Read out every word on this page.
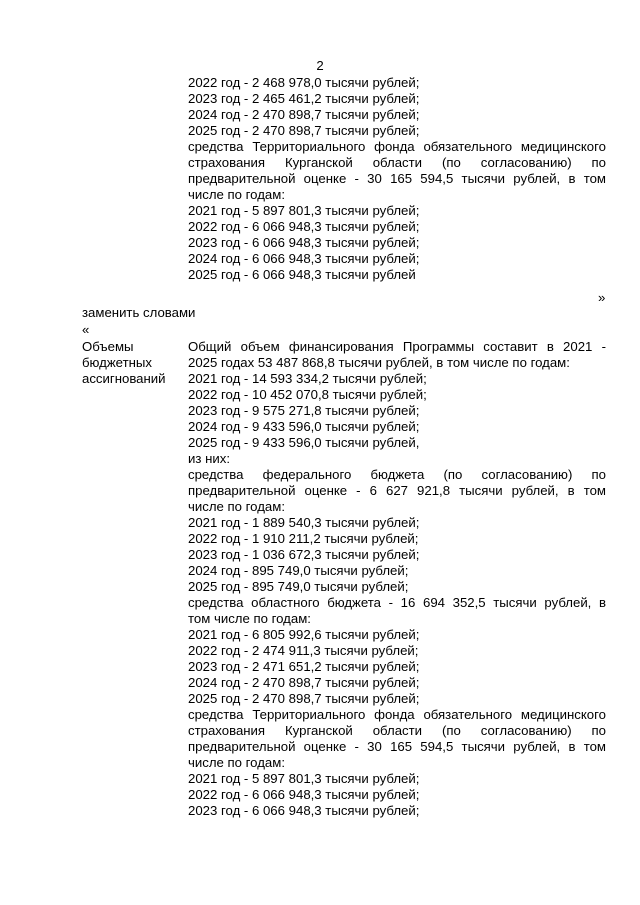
2
2022 год - 2 468 978,0 тысячи рублей;
2023 год - 2 465 461,2 тысячи рублей;
2024 год - 2 470 898,7 тысячи рублей;
2025 год - 2 470 898,7 тысячи рублей;
средства Территориального фонда обязательного медицинского
страхования Курганской области (по согласованию) по
предварительной оценке - 30 165 594,5 тысячи рублей, в том
числе по годам:
2021 год - 5 897 801,3 тысячи рублей;
2022 год - 6 066 948,3 тысячи рублей;
2023 год - 6 066 948,3 тысячи рублей;
2024 год - 6 066 948,3 тысячи рублей;
2025 год - 6 066 948,3 тысячи рублей
»
заменить словами
«
Объемы
бюджетных
ассигнований
Общий объем финансирования Программы составит в 2021 -
2025 годах 53 487 868,8 тысячи рублей, в том числе по годам:
2021 год - 14 593 334,2 тысячи рублей;
2022 год - 10 452 070,8 тысячи рублей;
2023 год - 9 575 271,8 тысячи рублей;
2024 год - 9 433 596,0 тысячи рублей;
2025 год - 9 433 596,0 тысячи рублей,
из них:
средства федерального бюджета (по согласованию) по
предварительной оценке - 6 627 921,8 тысячи рублей, в том
числе по годам:
2021 год - 1 889 540,3 тысячи рублей;
2022 год - 1 910 211,2 тысячи рублей;
2023 год - 1 036 672,3 тысячи рублей;
2024 год - 895 749,0 тысячи рублей;
2025 год - 895 749,0 тысячи рублей;
средства областного бюджета - 16 694 352,5 тысячи рублей, в
том числе по годам:
2021 год - 6 805 992,6 тысячи рублей;
2022 год - 2 474 911,3 тысячи рублей;
2023 год - 2 471 651,2 тысячи рублей;
2024 год - 2 470 898,7 тысячи рублей;
2025 год - 2 470 898,7 тысячи рублей;
средства Территориального фонда обязательного медицинского
страхования Курганской области (по согласованию) по
предварительной оценке - 30 165 594,5 тысячи рублей, в том
числе по годам:
2021 год - 5 897 801,3 тысячи рублей;
2022 год - 6 066 948,3 тысячи рублей;
2023 год - 6 066 948,3 тысячи рублей;
